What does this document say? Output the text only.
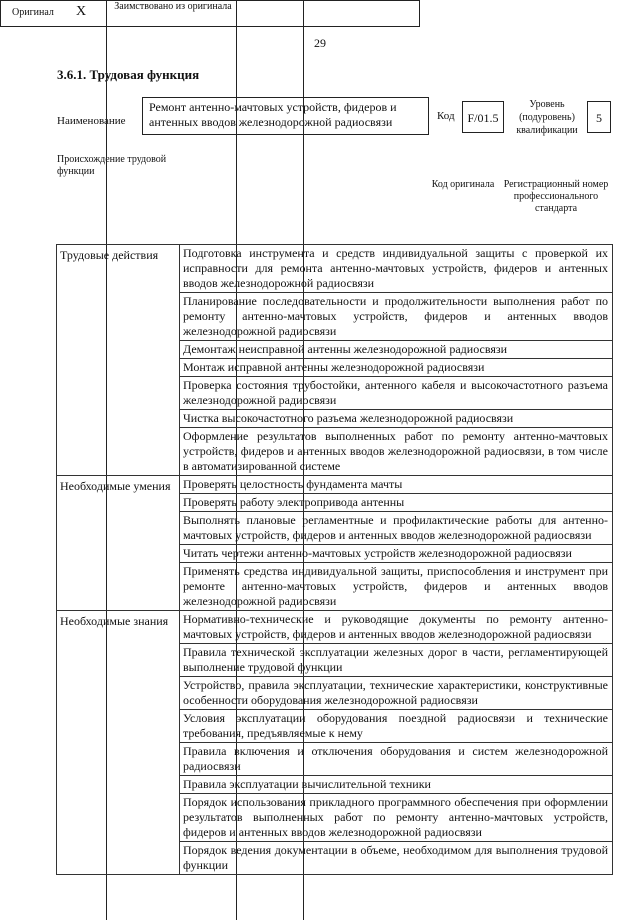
29
3.6.1. Трудовая функция
Наименование
Ремонт антенно-мачтовых устройств, фидеров и антенных вводов железнодорожной радиосвязи	Код	F/01.5
Уровень (подуровень) квалификации
5
Происхождение трудовой функции
Оригинал X	Заимствовано из оригинала
Код оригинала Регистрационный номер профессионального стандарта
Трудовые действия	Подготовка инструмента и средств индивидуальной защиты с проверкой их исправности для ремонта антенно-мачтовых устройств, фидеров и антенных вводов железнодорожной радиосвязи
	Планирование последовательности и продолжительности выполнения работ по ремонту антенно-мачтовых устройств, фидеров и антенных вводов железнодорожной радиосвязи
	Демонтаж неисправной антенны железнодорожной радиосвязи
	Монтаж исправной антенны железнодорожной радиосвязи
	Проверка состояния трубостойки, антенного кабеля и высокочастотного разъема железнодорожной радиосвязи
	Чистка высокочастотного разъема железнодорожной радиосвязи
	Оформление результатов выполненных работ по ремонту антенно-мачтовых устройств, фидеров и антенных вводов железнодорожной радиосвязи, в том числе в автоматизированной системе
Необходимые умения	Проверять целостность фундамента мачты
	Проверять работу электропривода антенны
	Выполнять плановые регламентные и профилактические работы для антенно-мачтовых устройств, фидеров и антенных вводов железнодорожной радиосвязи
	Читать чертежи антенно-мачтовых устройств железнодорожной радиосвязи
	Применять средства индивидуальной защиты, приспособления и инструмент при ремонте антенно-мачтовых устройств, фидеров и антенных вводов железнодорожной радиосвязи
Необходимые знания	Нормативно-технические и руководящие документы по ремонту антенно-мачтовых устройств, фидеров и антенных вводов железнодорожной радиосвязи
	Правила технической эксплуатации железных дорог в части, регламентирующей выполнение трудовой функции
	Устройство, правила эксплуатации, технические характеристики, конструктивные особенности оборудования железнодорожной радиосвязи
	Условия эксплуатации оборудования поездной радиосвязи и технические требования, предъявляемые к нему
	Правила включения и отключения оборудования и систем железнодорожной радиосвязи
	Правила эксплуатации вычислительной техники
	Порядок использования прикладного программного обеспечения при оформлении результатов выполненных работ по ремонту антенно-мачтовых устройств, фидеров и антенных вводов железнодорожной радиосвязи
	Порядок ведения документации в объеме, необходимом для выполнения трудовой функции
